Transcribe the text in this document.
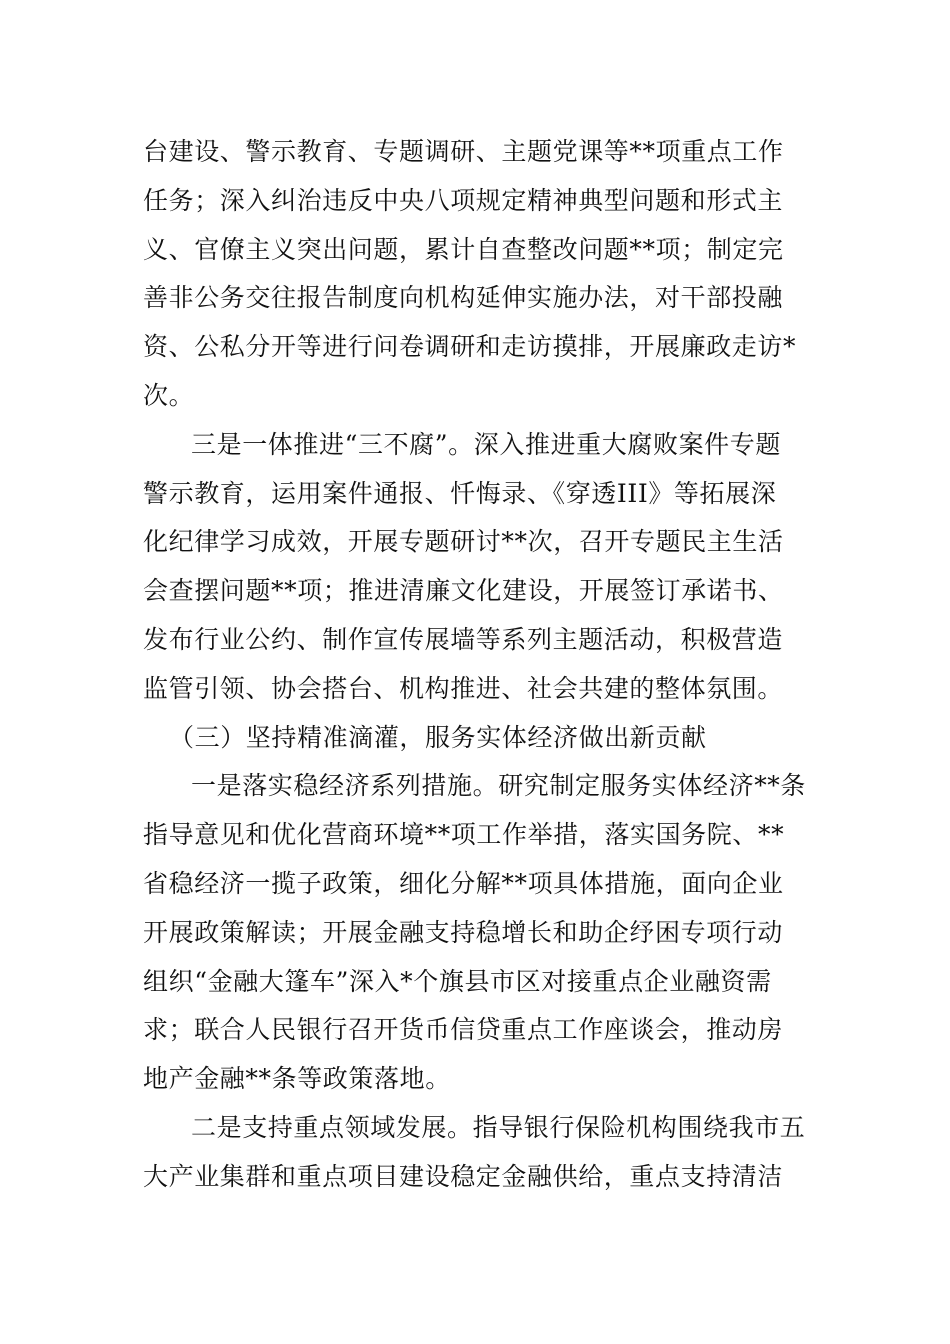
台建设、警示教育、专题调研、主题党课等**项重点工作
任务；深入纠治违反中央八项规定精神典型问题和形式主
义、官僚主义突出问题，累计自查整改问题**项；制定完
善非公务交往报告制度向机构延伸实施办法，对干部投融
资、公私分开等进行问卷调研和走访摸排，开展廉政走访*
次。
三是一体推进“三不腐”。深入推进重大腐败案件专题
警示教育，运用案件通报、忏悔录、《穿透III》等拓展深
化纪律学习成效，开展专题研讨**次，召开专题民主生活
会查摆问题**项；推进清廉文化建设，开展签订承诺书、
发布行业公约、制作宣传展墙等系列主题活动，积极营造
监管引领、协会搭台、机构推进、社会共建的整体氛围。
（三）坚持精准滴灌，服务实体经济做出新贡献
一是落实稳经济系列措施。研究制定服务实体经济**条
指导意见和优化营商环境**项工作举措，落实国务院、**
省稳经济一揽子政策，细化分解**项具体措施，面向企业
开展政策解读；开展金融支持稳增长和助企纾困专项行动
组织“金融大篷车”深入*个旗县市区对接重点企业融资需
求；联合人民银行召开货币信贷重点工作座谈会，推动房
地产金融**条等政策落地。
二是支持重点领域发展。指导银行保险机构围绕我市五
大产业集群和重点项目建设稳定金融供给，重点支持清洁
